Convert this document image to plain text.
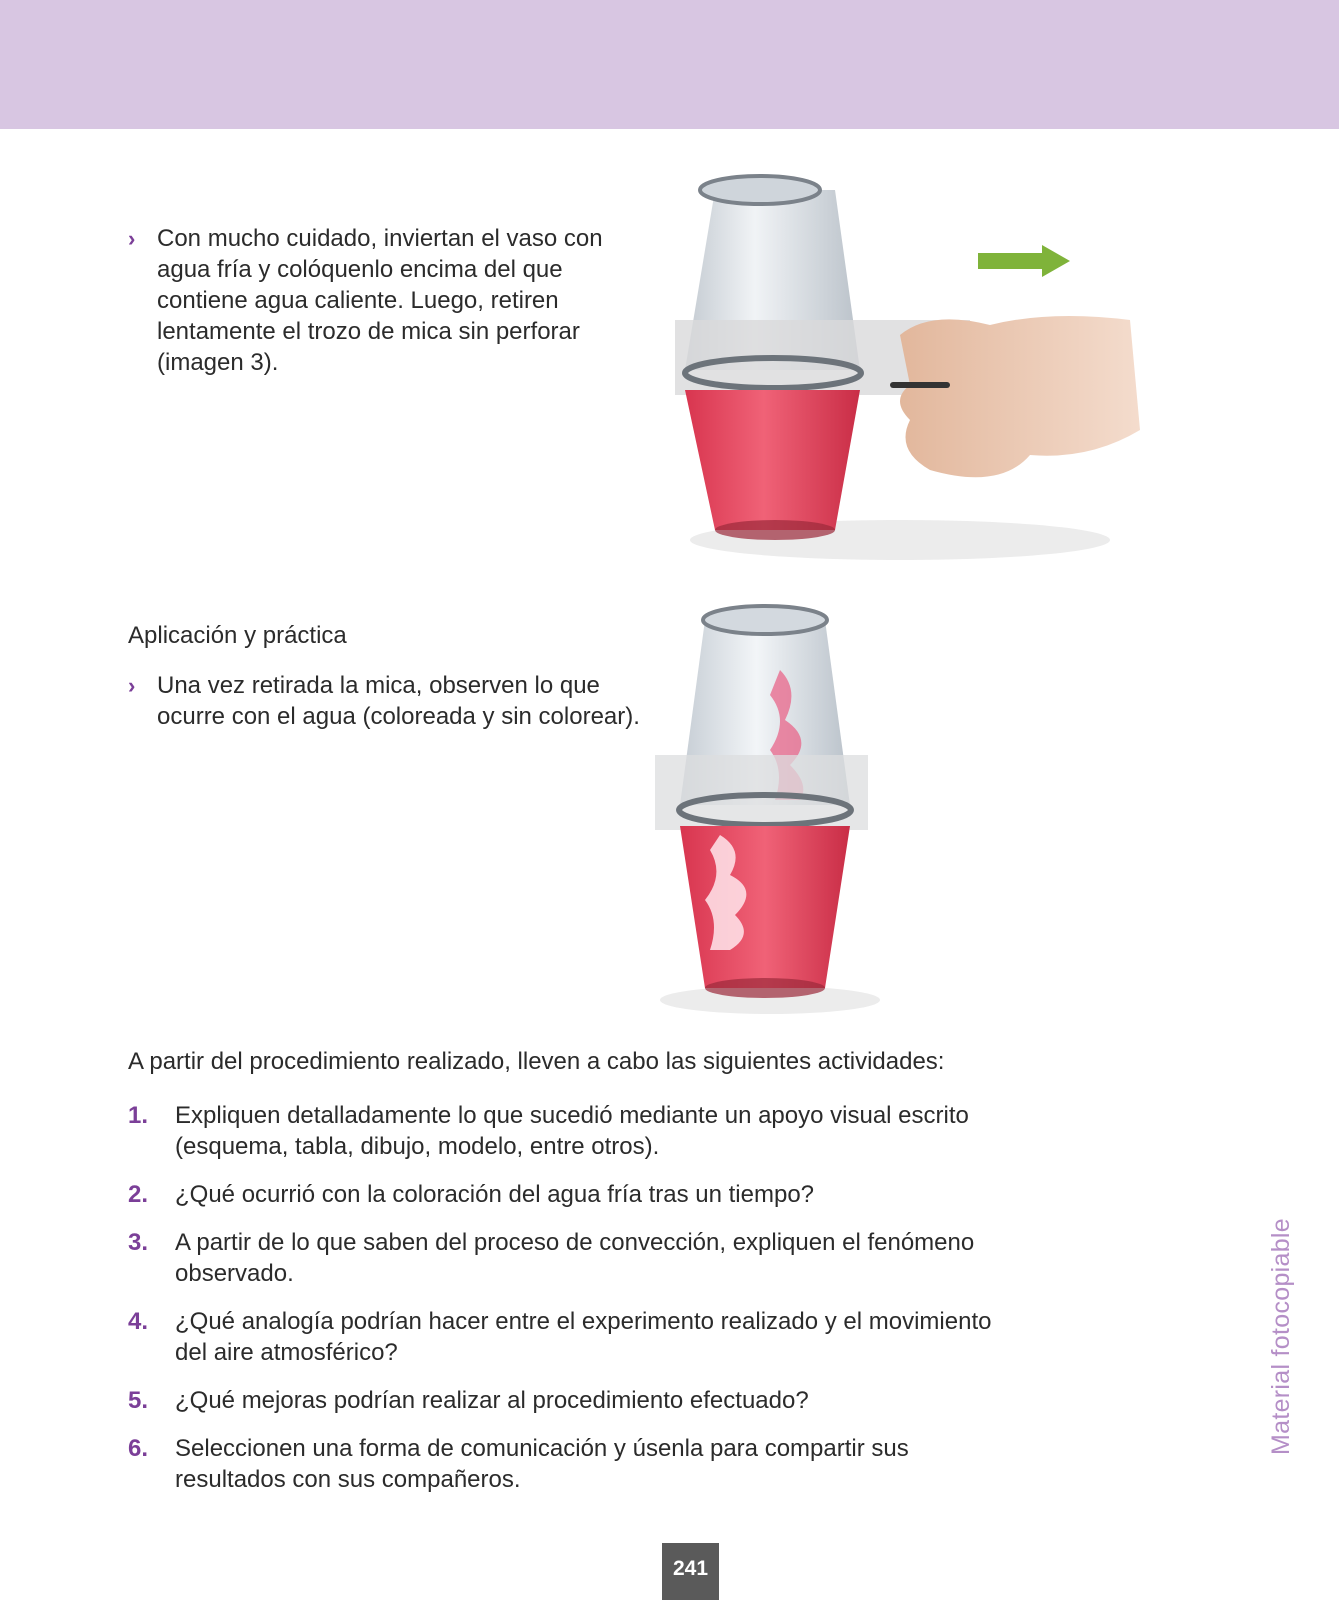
› Con mucho cuidado, inviertan el vaso con agua fría y colóquenlo encima del que contiene agua caliente. Luego, retiren lentamente el trozo de mica sin perforar (imagen 3).
Aplicación y práctica
› Una vez retirada la mica, observen lo que ocurre con el agua (coloreada y sin colorear).
A partir del procedimiento realizado, lleven a cabo las siguientes actividades:
1. Expliquen detalladamente lo que sucedió mediante un apoyo visual escrito (esquema, tabla, dibujo, modelo, entre otros).
2. ¿Qué ocurrió con la coloración del agua fría tras un tiempo?
3. A partir de lo que saben del proceso de convección, expliquen el fenómeno observado.
4. ¿Qué analogía podrían hacer entre el experimento realizado y el movimiento del aire atmosférico?
5. ¿Qué mejoras podrían realizar al procedimiento efectuado?
6. Seleccionen una forma de comunicación y úsenla para compartir sus resultados con sus compañeros.
Material fotocopiable
241
